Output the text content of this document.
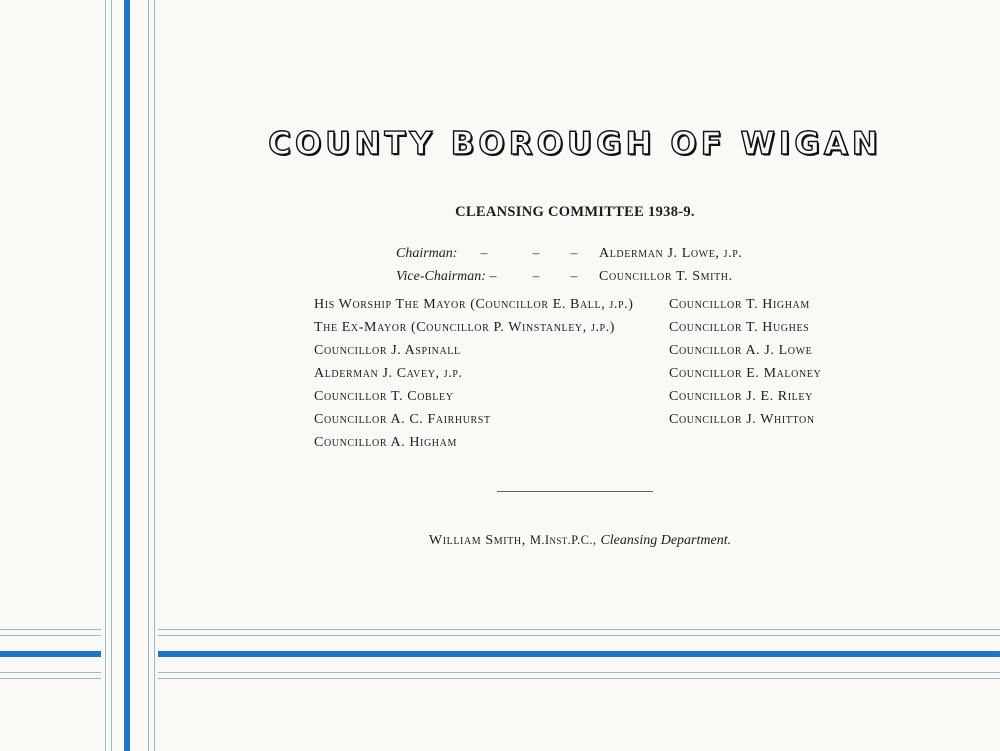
COUNTY BOROUGH OF WIGAN
CLEANSING COMMITTEE 1938-9.
Chairman: –	– – Alderman J. Lowe, j.p.
Vice-Chairman: –	– – Councillor T. Smith.
His Worship The Mayor (Councillor E. Ball, j.p.)
The Ex-Mayor (Councillor P. Winstanley, j.p.)
Councillor J. Aspinall
Alderman J. Cavey, j.p.
Councillor T. Cobley
Councillor A. C. Fairhurst
Councillor A. Higham
Councillor T. Higham
Councillor T. Hughes
Councillor A. J. Lowe
Councillor E. Maloney
Councillor J. E. Riley
Councillor J. Whitton
William Smith, M.Inst.P.C., Cleansing Department.
